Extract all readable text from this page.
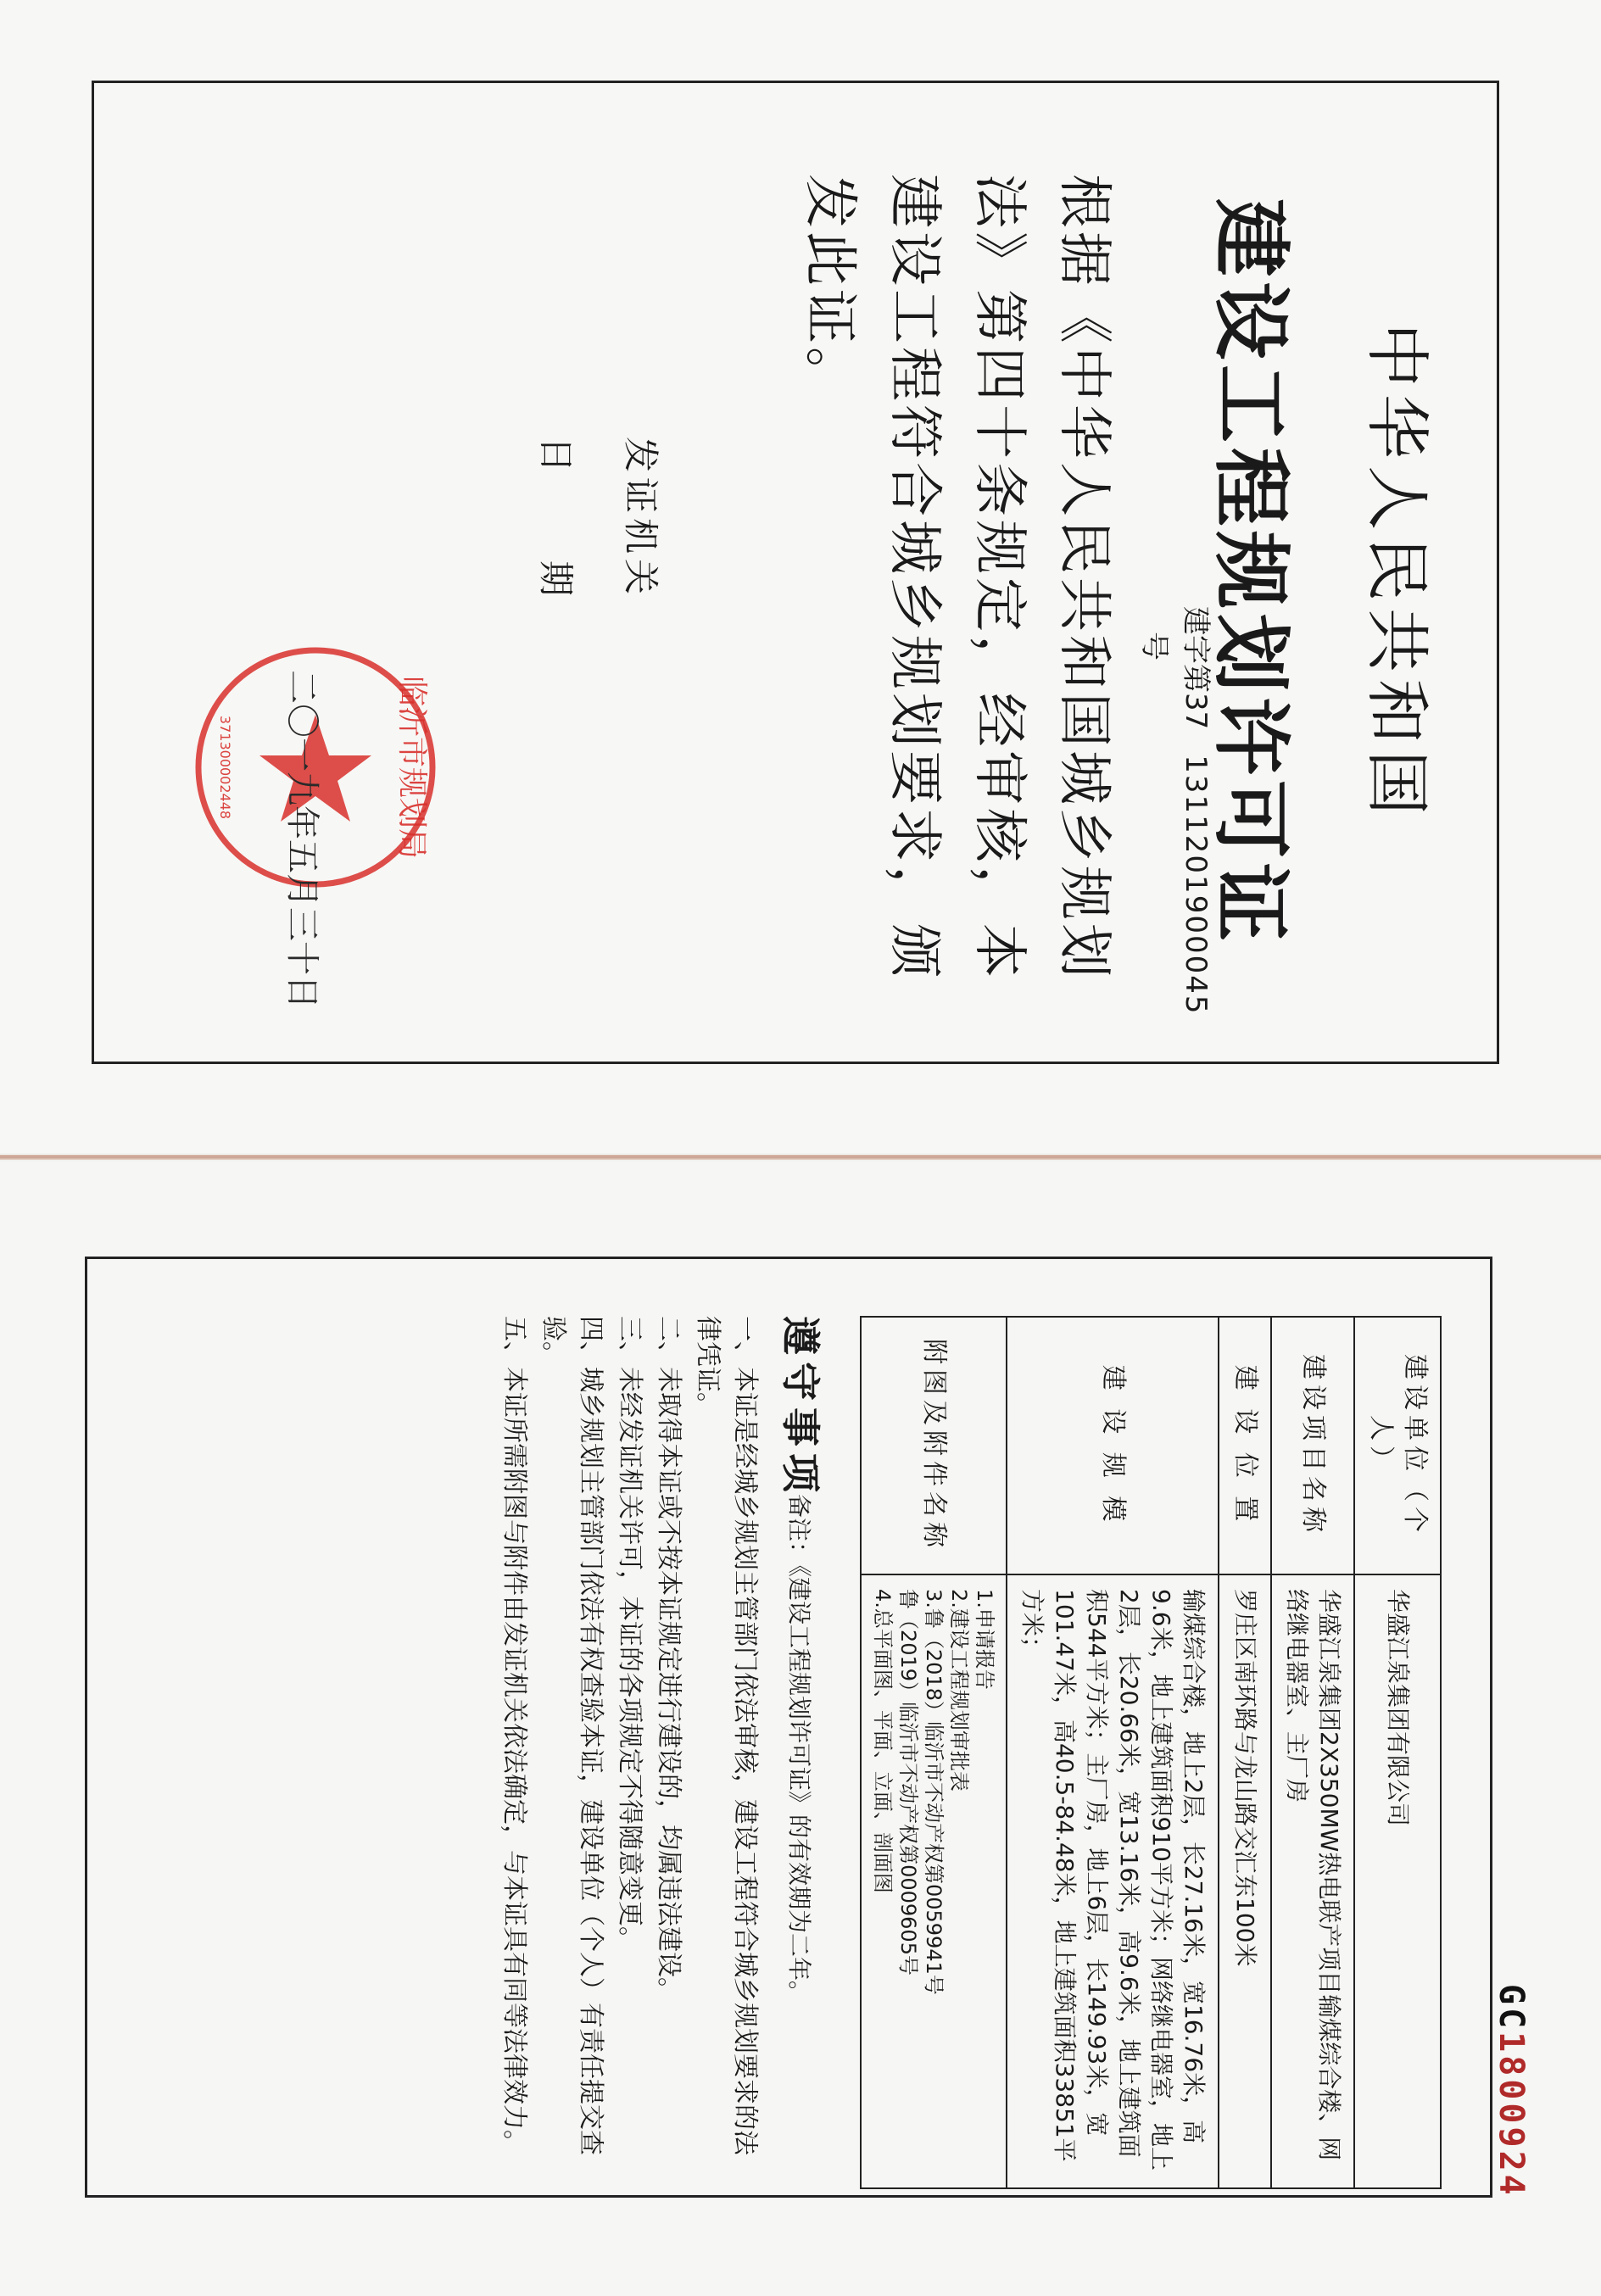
中华人民共和国
建设工程规划许可证
建字第371311201900045号
根据《中华人民共和国城乡规划法》第四十条规定，经审核，本建设工程符合城乡规划要求，颁发此证。
发证机关
日期
临沂市规划局
371300002448 二〇一九年五月三十日
建设单位（个人）	华盛江泉集团有限公司
建设项目名称	华盛江泉集团2X350MW热电联产项目输煤综合楼、网络继电器室、主厂房
建 设 位 置	罗庄区南环路与龙山路交汇东100米
建 设 规 模	输煤综合楼，地上2层，长27.16米，宽16.76米，高9.6米，地上建筑面积910平方米；网络继电器室，地上2层，长20.66米，宽13.16米，高9.6米，地上建筑面积544平方米；主厂房，地上6层，长149.93米，宽101.47米，高40.5-84.48米，地上建筑面积33851平方米；
附图及附件名称	1.申请报告
2.建设工程规划审批表
3.鲁（2018）临沂市不动产权第0059941号
鲁（2019）临沂市不动产权第0009605号
4.总平面图、平面、立面、剖面图
遵守事项
备注：《建设工程规划许可证》的有效期为二年。
一、本证是经城乡规划主管部门依法审核，建设工程符合城乡规划要求的法律凭证。
二、未取得本证或不按本证规定进行建设的，均属违法建设。
三、未经发证机关许可，本证的各项规定不得随意变更。
四、城乡规划主管部门依法有权查验本证，建设单位（个人）有责任提交查验。
五、本证所需附图与附件由发证机关依法确定，与本证具有同等法律效力。	GC1800924
